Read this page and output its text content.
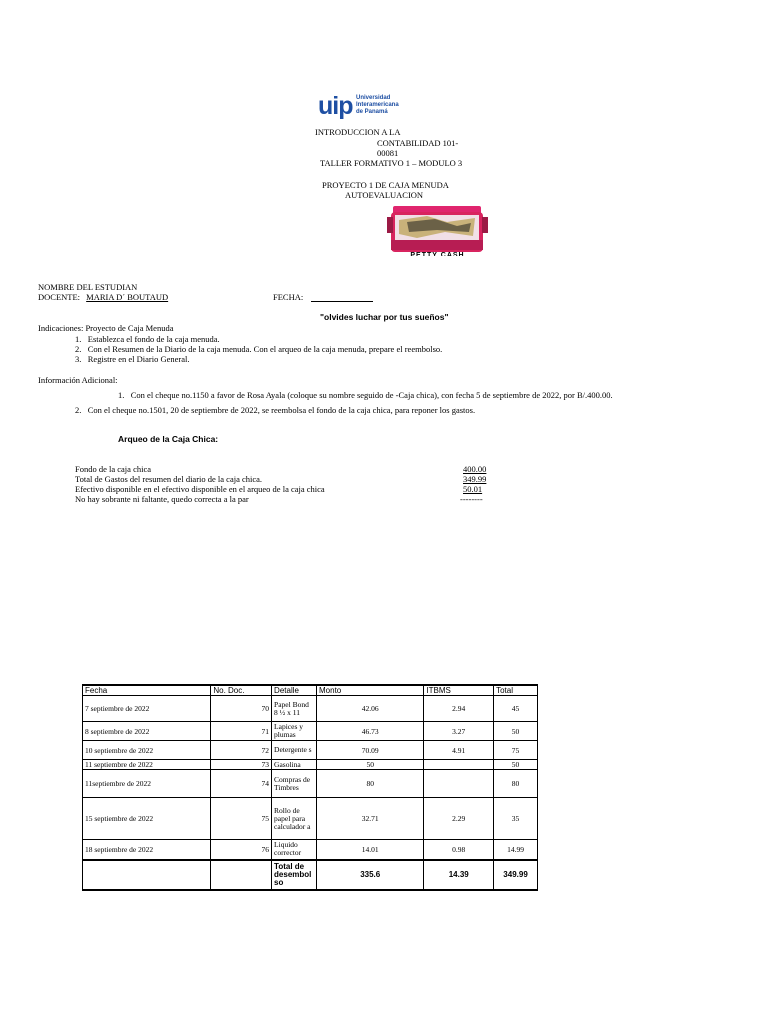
uip Universidad
Interamericana
de Panamá
INTRODUCCION A LA
CONTABILIDAD 101-
00081
TALLER FORMATIVO 1 – MODULO 3
PROYECTO 1 DE CAJA MENUDA
AUTOEVALUACION
PETTY CASH
NOMBRE DEL ESTUDIAN
DOCENTE: MARIA D´ BOUTAUD	FECHA:
"olvides luchar por tus sueños"
Indicaciones: Proyecto de Caja Menuda
1.   Establezca el fondo de la caja menuda.
2.   Con el Resumen de la Diario de la caja menuda. Con el arqueo de la caja menuda, prepare el reembolso.
3.   Registre en el Diario General.
Información Adicional:
1.   Con el cheque no.1150 a favor de Rosa Ayala (coloque su nombre seguido de -Caja chica), con fecha 5 de septiembre de 2022, por B/.400.00.
2.   Con el cheque no.1501, 20 de septiembre de 2022, se reembolsa el fondo de la caja chica, para reponer los gastos.
Arqueo de la Caja Chica:
Fondo de la caja chica	400.00
Total de Gastos del resumen del diario de la caja chica.	349.99
Efectivo disponible en el efectivo disponible en el arqueo de la caja chica	50.01
No hay sobrante ni faltante, quedo correcta a la par	--------
Fecha	No. Doc.	Detalle	Monto	ITBMS	Total
7 septiembre de 2022	70	Papel Bond 8 ½ x 11	42.06	2.94	45
8 septiembre de 2022	71	Lapices y plumas	46.73	3.27	50
10 septiembre de 2022	72	Detergente s	70.09	4.91	75
11 septiembre de 2022	73	Gasolina	50		50
11septiembre de 2022	74	Compras de Timbres	80		80
15 septiembre de 2022	75	Rollo de papel para calculador a	32.71	2.29	35
18 septiembre de 2022	76	Liquido corrector	14.01	0.98	14.99
		Total de desembol so	335.6	14.39	349.99
